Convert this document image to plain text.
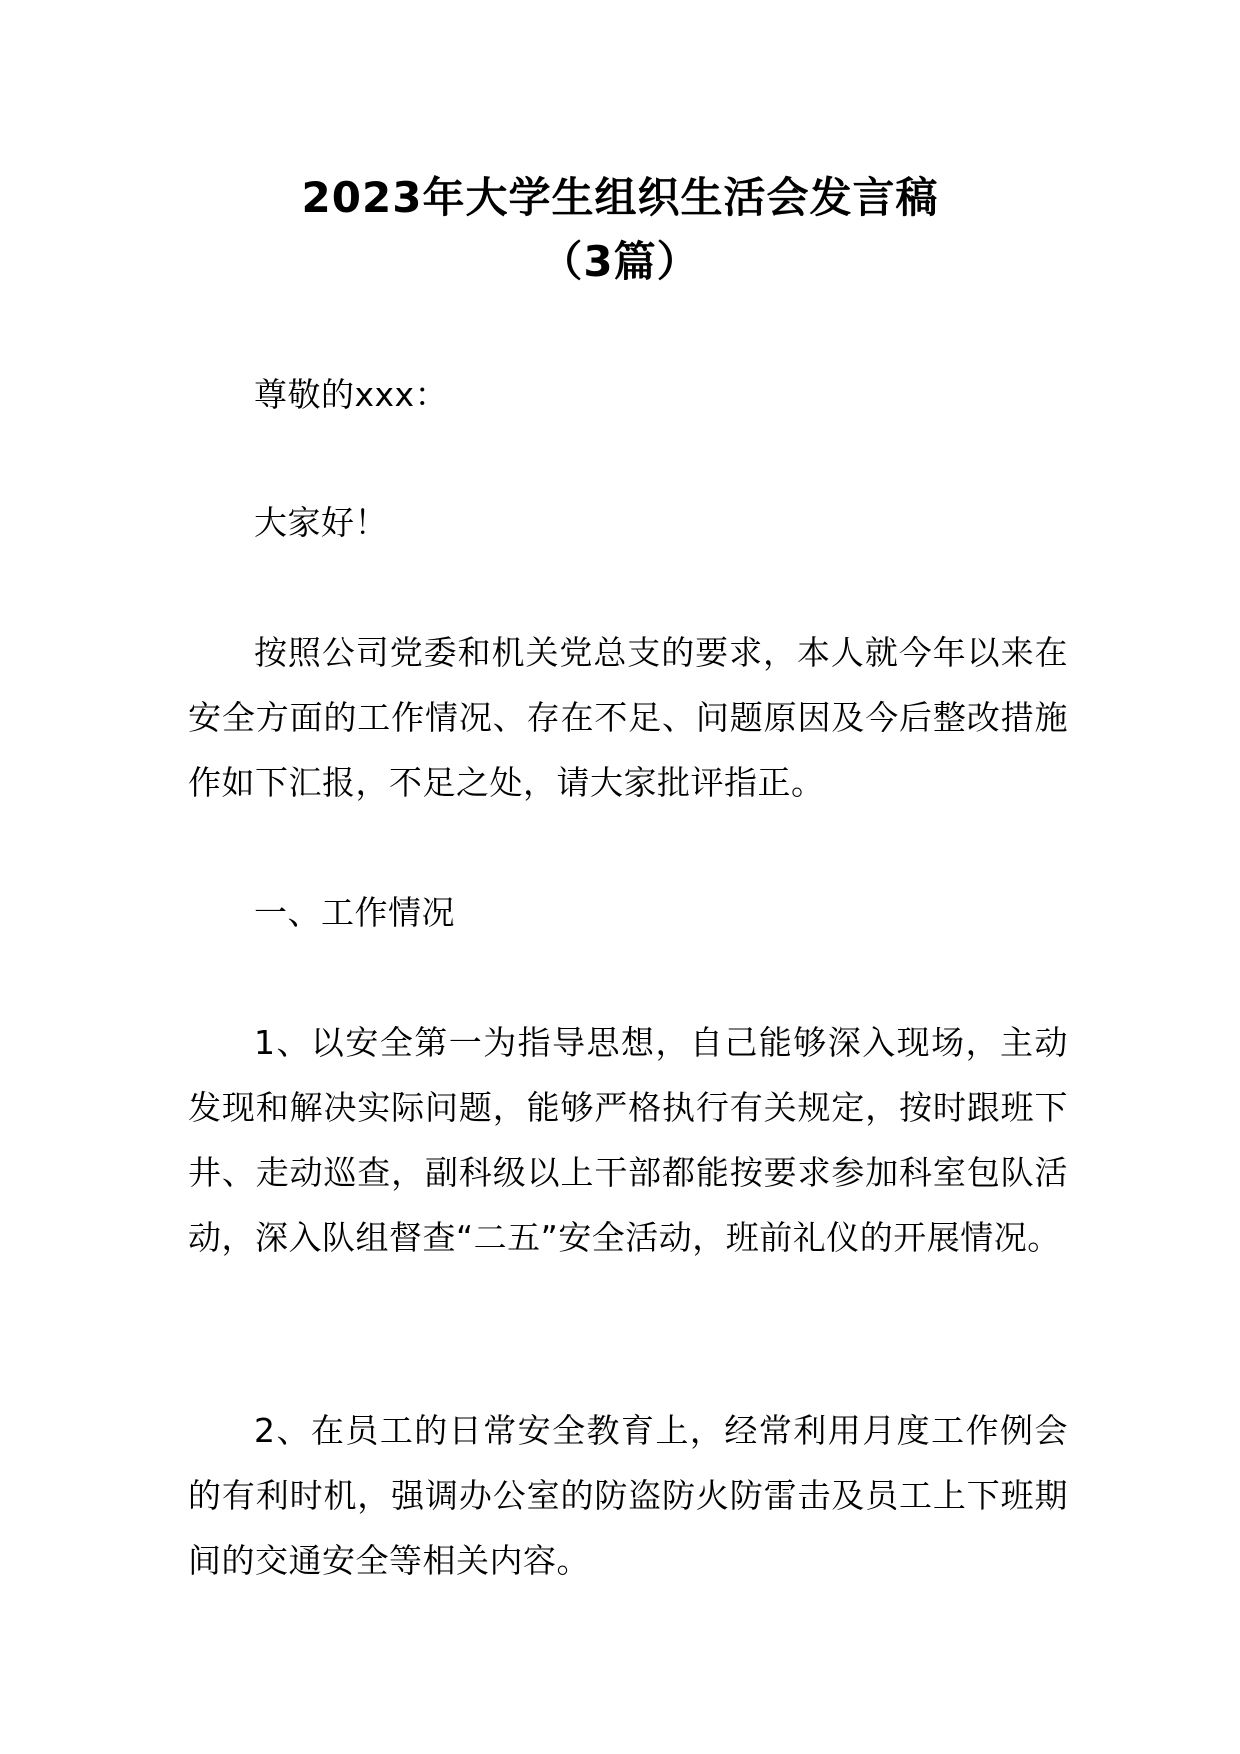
2023年大学生组织生活会发言稿
（3篇）

尊敬的xxx：

大家好！

按照公司党委和机关党总支的要求，本人就今年以来在安全方面的工作情况、存在不足、问题原因及今后整改措施作如下汇报，不足之处，请大家批评指正。

一、工作情况

1、以安全第一为指导思想，自己能够深入现场，主动发现和解决实际问题，能够严格执行有关规定，按时跟班下井、走动巡查，副科级以上干部都能按要求参加科室包队活动，深入队组督查“二五”安全活动，班前礼仪的开展情况。

2、在员工的日常安全教育上，经常利用月度工作例会的有利时机，强调办公室的防盗防火防雷击及员工上下班期间的交通安全等相关内容。
